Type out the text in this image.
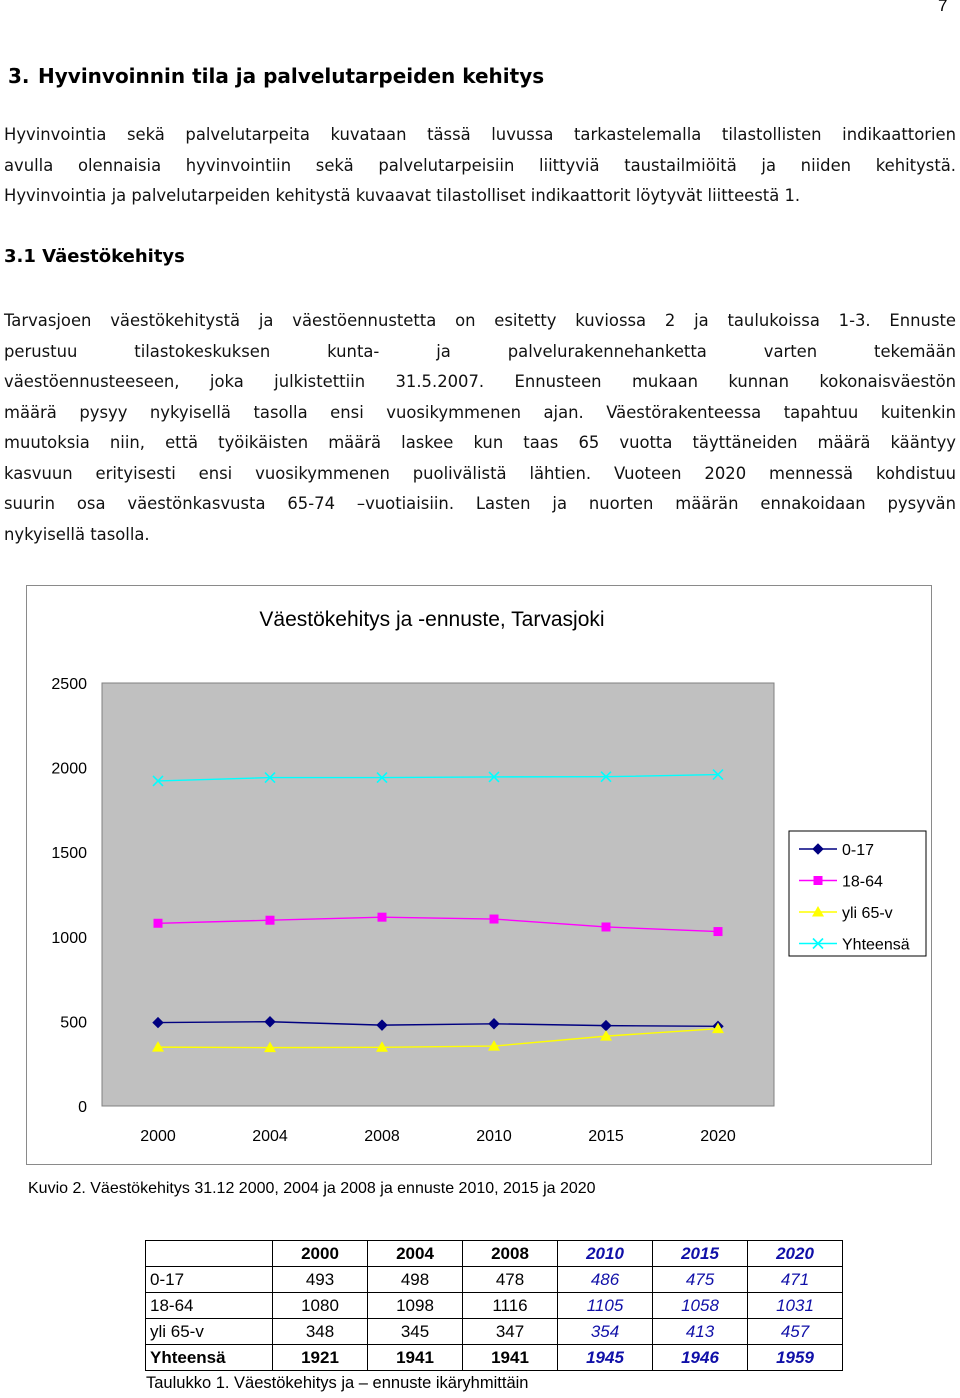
7
3. Hyvinvoinnin tila ja palvelutarpeiden kehitys
Hyvinvointia sekä palvelutarpeita kuvataan tässä luvussa tarkastelemalla tilastollisten indikaattorien
avulla olennaisia hyvinvointiin sekä palvelutarpeisiin liittyviä taustailmiöitä ja niiden kehitystä.
Hyvinvointia ja palvelutarpeiden kehitystä kuvaavat tilastolliset indikaattorit löytyvät liitteestä 1.
3.1 Väestökehitys
Tarvasjoen väestökehitystä ja väestöennustetta on esitetty kuviossa 2 ja taulukoissa 1-3. Ennuste
perustuu tilastokeskuksen kunta- ja palvelurakennehanketta varten tekemään
väestöennusteeseen, joka julkistettiin 31.5.2007. Ennusteen mukaan kunnan kokonaisväestön
määrä pysyy nykyisellä tasolla ensi vuosikymmenen ajan. Väestörakenteessa tapahtuu kuitenkin
muutoksia niin, että työikäisten määrä laskee kun taas 65 vuotta täyttäneiden määrä kääntyy
kasvuun erityisesti ensi vuosikymmenen puolivälistä lähtien. Vuoteen 2020 mennessä kohdistuu
suurin osa väestönkasvusta 65-74 –vuotiaisiin. Lasten ja nuorten määrän ennakoidaan pysyvän
nykyisellä tasolla.
Väestökehitys ja -ennuste, Tarvasjoki
0
500
1000
1500
2000
2500
2000	2004	2008	2010	2015	2020
0-17
18-64
yli 65-v
Yhteensä
Kuvio 2. Väestökehitys 31.12 2000, 2004 ja 2008 ja ennuste 2010, 2015 ja 2020
	2000	2004	2008	2010	2015	2020
0-17	493	498	478	486	475	471
18-64	1080	1098	1116	1105	1058	1031
yli 65-v	348	345	347	354	413	457
Yhteensä	1921	1941	1941	1945	1946	1959
Taulukko 1. Väestökehitys ja – ennuste ikäryhmittäin
